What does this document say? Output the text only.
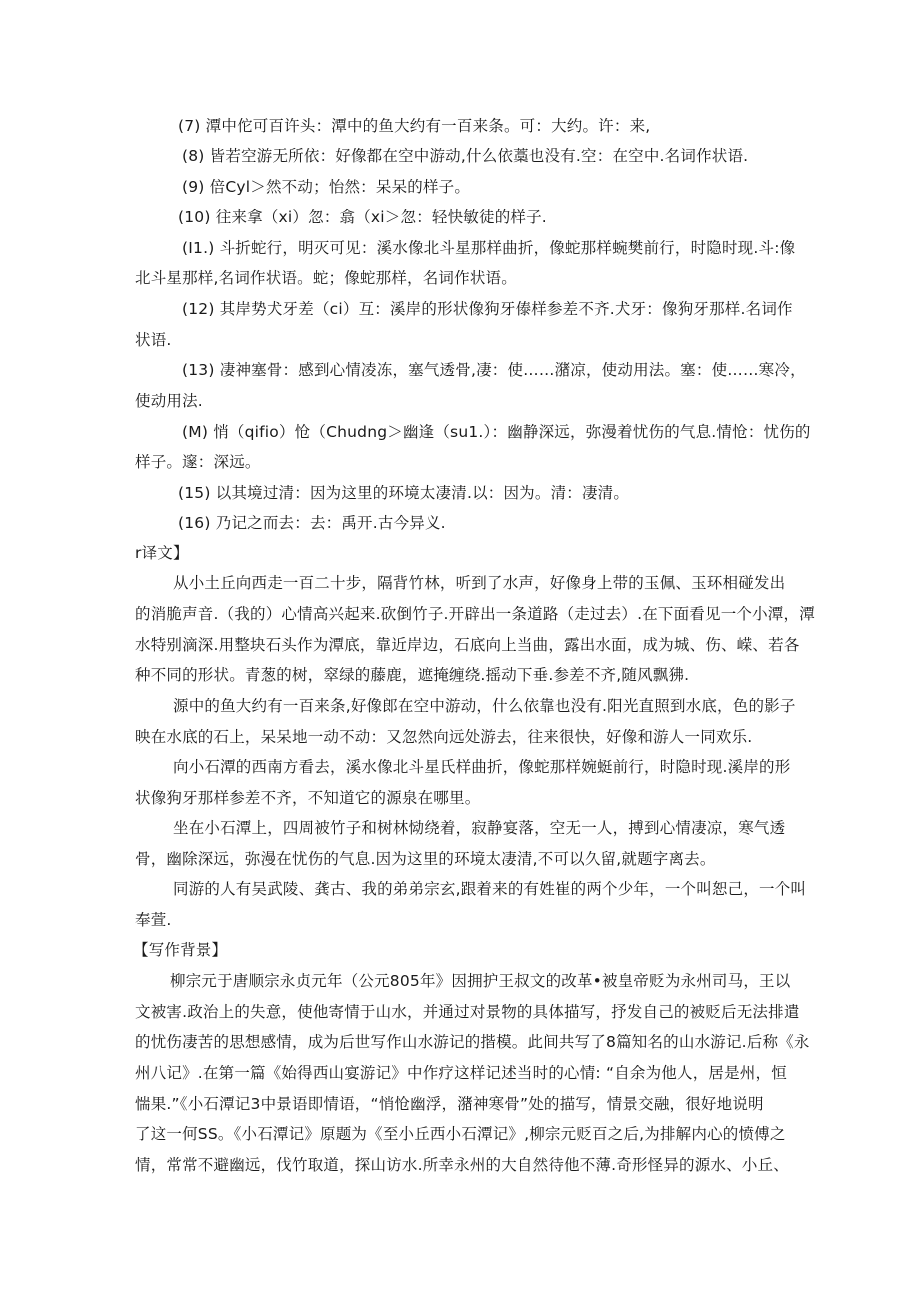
(7) 潭中佗可百许头：潭中的鱼大约有一百来条。可：大约。许：来,
(8) 皆若空游无所依：好像都在空中游动,什么依藁也没有.空：在空中.名词作状语.
(9) 倍Cyl＞然不动；怡然：呆呆的样子。
(10) 往来拿（xi）忽：翕（xi＞忽：轻快敏徒的样子.
(I1.) 斗折蛇行，明灭可见：溪水像北斗星那样曲折，像蛇那样蜿樊前行，时隐时现.斗:像
北斗星那样,名词作状语。蛇；像蛇那样，名词作状语。
(12) 其岸势犬牙差（ci）互：溪岸的形状像狗牙傣样参差不齐.犬牙：像狗牙那样.名词作
状语.
(13) 凄神塞骨：感到心情凌冻，塞气透骨,凄：使……潴凉，使动用法。塞：使……寒冷，
使动用法.
(M) 悄（qifio）怆（Chudng＞幽逢（su1.）：幽静深远，弥漫着忧伤的气息.情怆：忧伤的
样子。邃：深远。
(15) 以其境过清：因为这里的环境太凄清.以：因为。清：凄清。
(16) 乃记之而去：去：禹开.古今异义.
r译文】
从小土丘向西走一百二十步，隔背竹林，听到了水声，好像身上带的玉佩、玉环相碰发出
的消脆声音.（我的）心情高兴起来.砍倒竹子.开辟出一条道路（走过去）.在下面看见一个小潭，潭
水特别滴深.用整块石头作为潭底，靠近岸边，石底向上当曲，露出水面，成为城、伤、嵘、若各
种不同的形状。青葱的树，窣绿的藤鹿，遮掩缠绕.摇动下垂.参差不齐,随风飘狒.
源中的鱼大约有一百来条,好像郎在空中游动，什么依靠也没有.阳光直照到水底，色的影子
映在水底的石上，呆呆地一动不动：又忽然向远处游去，往来很快，好像和游人一同欢乐.
向小石潭的西南方看去，溪水像北斗星氏样曲折，像蛇那样婉蜓前行，时隐时现.溪岸的形
状像狗牙那样参差不齐，不知道它的源泉在哪里。
坐在小石潭上，四周被竹子和树林恸绕着，寂静宴落，空无一人，搏到心情凄凉，寒气透
骨，幽除深远，弥漫在忧伤的气息.因为这里的环境太凄清,不可以久留,就题字离去。
同游的人有吴武陵、龚古、我的弟弟宗玄,跟着来的有姓崔的两个少年，一个叫恕己，一个叫
奉萱.
【写作背景】
柳宗元于唐顺宗永贞元年（公元805年》因拥护王叔文的改革•被皇帝贬为永州司马，王以
文被害.政治上的失意，使他寄情于山水，并通过对景物的具体描写，抒发自己的被贬后无法排遣
的忧伤凄苦的思想感情，成为后世写作山水游记的揩模。此间共写了8篇知名的山水游记.后称《永
州八记》.在第一篇《始得西山宴游记》中作疗这样记述当时的心情: “自余为他人，居是州，恒
惴果.”《小石潭记3中景语即情语，“悄怆幽浮，潴神寒骨”处的描写，情景交融，很好地说明
了这一何SS。《小石潭记》原题为《至小丘西小石潭记》,柳宗元贬百之后,为排解内心的愤傅之
情，常常不避幽远，伐竹取道，探山访水.所幸永州的大自然待他不薄.奇形怪异的源水、小丘、
